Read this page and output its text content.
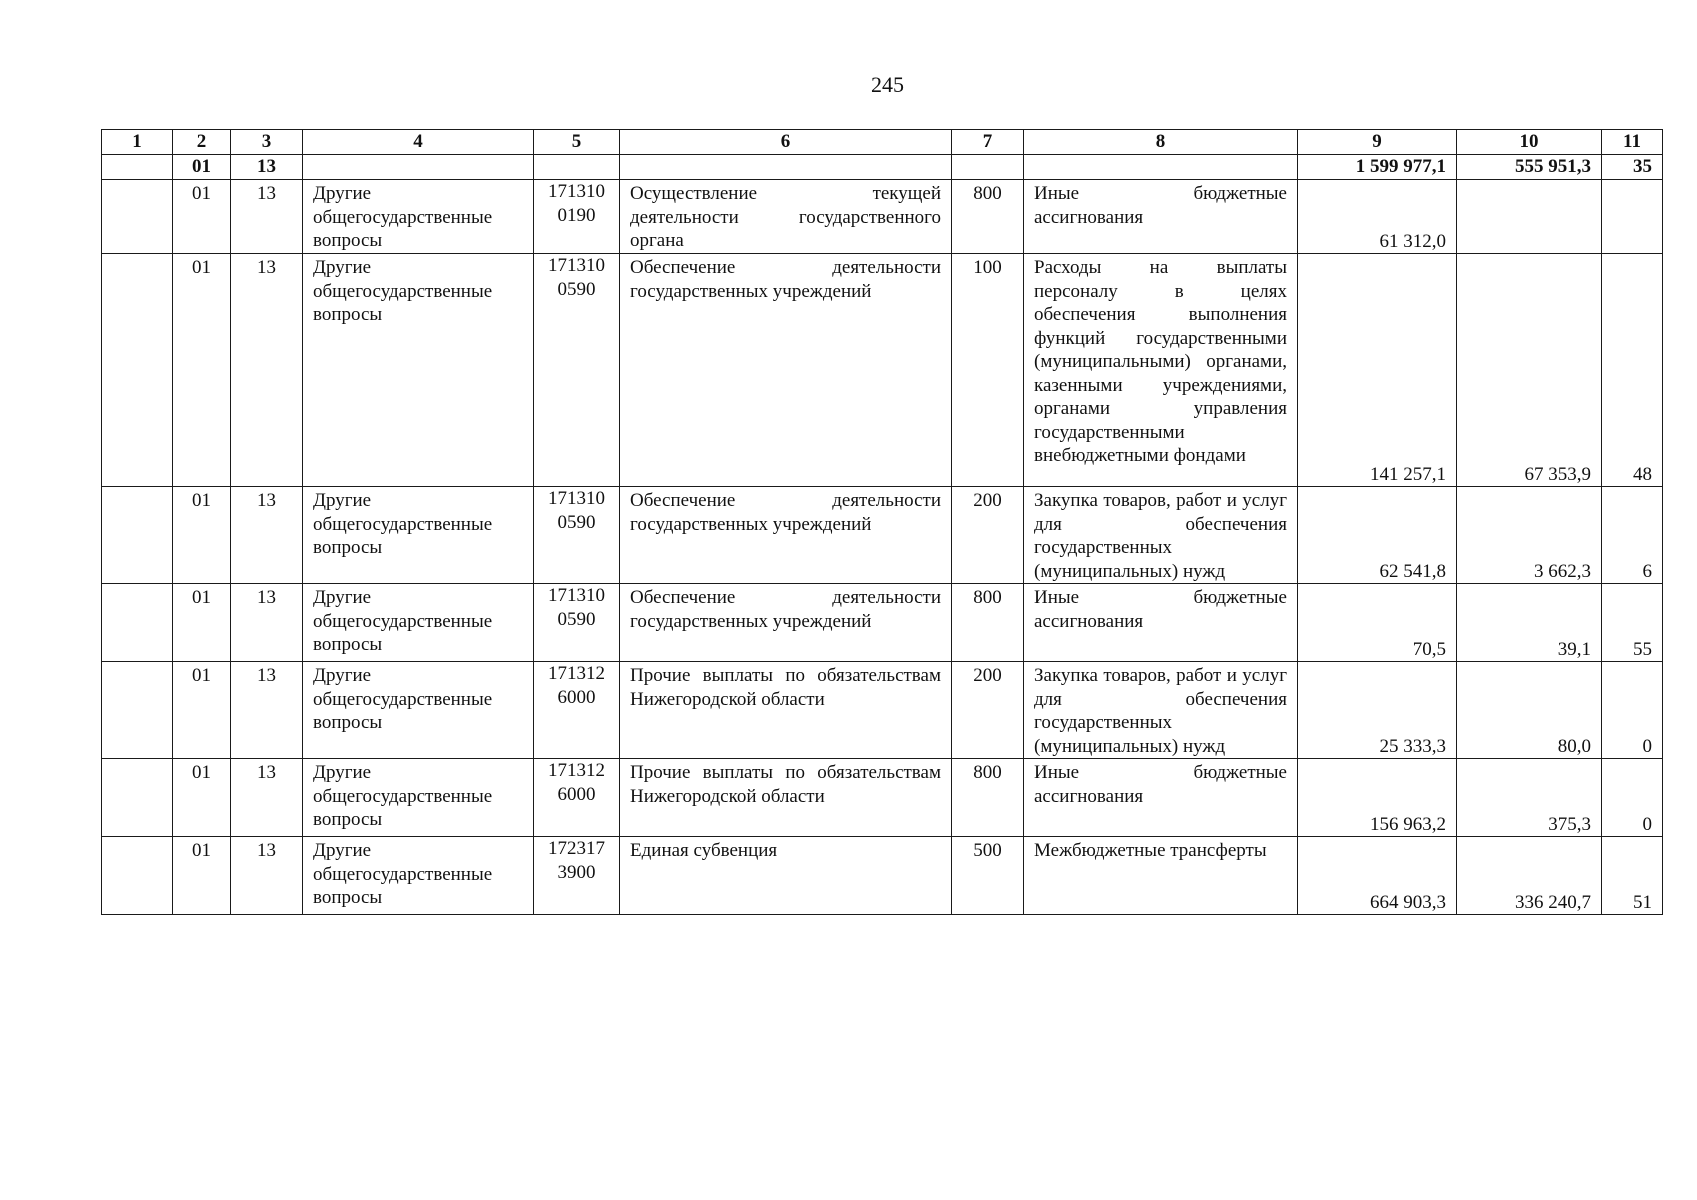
245
1	2	3	4	5	6	7	8	9	10	11
	01	13						1 599 977,1	555 951,3	35
	01	13	Другие общегосударственные вопросы	171310 0190	Осуществление текущей деятельности государственного органа	800	Иные бюджетные ассигнования	61 312,0		
	01	13	Другие общегосударственные вопросы	171310 0590	Обеспечение деятельности государственных учреждений	100	Расходы на выплаты персоналу в целях обеспечения выполнения функций государственными (муниципальными) органами, казенными учреждениями, органами управления государственными внебюджетными фондами	141 257,1	67 353,9	48
	01	13	Другие общегосударственные вопросы	171310 0590	Обеспечение деятельности государственных учреждений	200	Закупка товаров, работ и услуг для обеспечения государственных (муниципальных) нужд	62 541,8	3 662,3	6
	01	13	Другие общегосударственные вопросы	171310 0590	Обеспечение деятельности государственных учреждений	800	Иные бюджетные ассигнования	70,5	39,1	55
	01	13	Другие общегосударственные вопросы	171312 6000	Прочие выплаты по обязательствам Нижегородской области	200	Закупка товаров, работ и услуг для обеспечения государственных (муниципальных) нужд	25 333,3	80,0	0
	01	13	Другие общегосударственные вопросы	171312 6000	Прочие выплаты по обязательствам Нижегородской области	800	Иные бюджетные ассигнования	156 963,2	375,3	0
	01	13	Другие общегосударственные вопросы	172317 3900	Единая субвенция	500	Межбюджетные трансферты	664 903,3	336 240,7	51
